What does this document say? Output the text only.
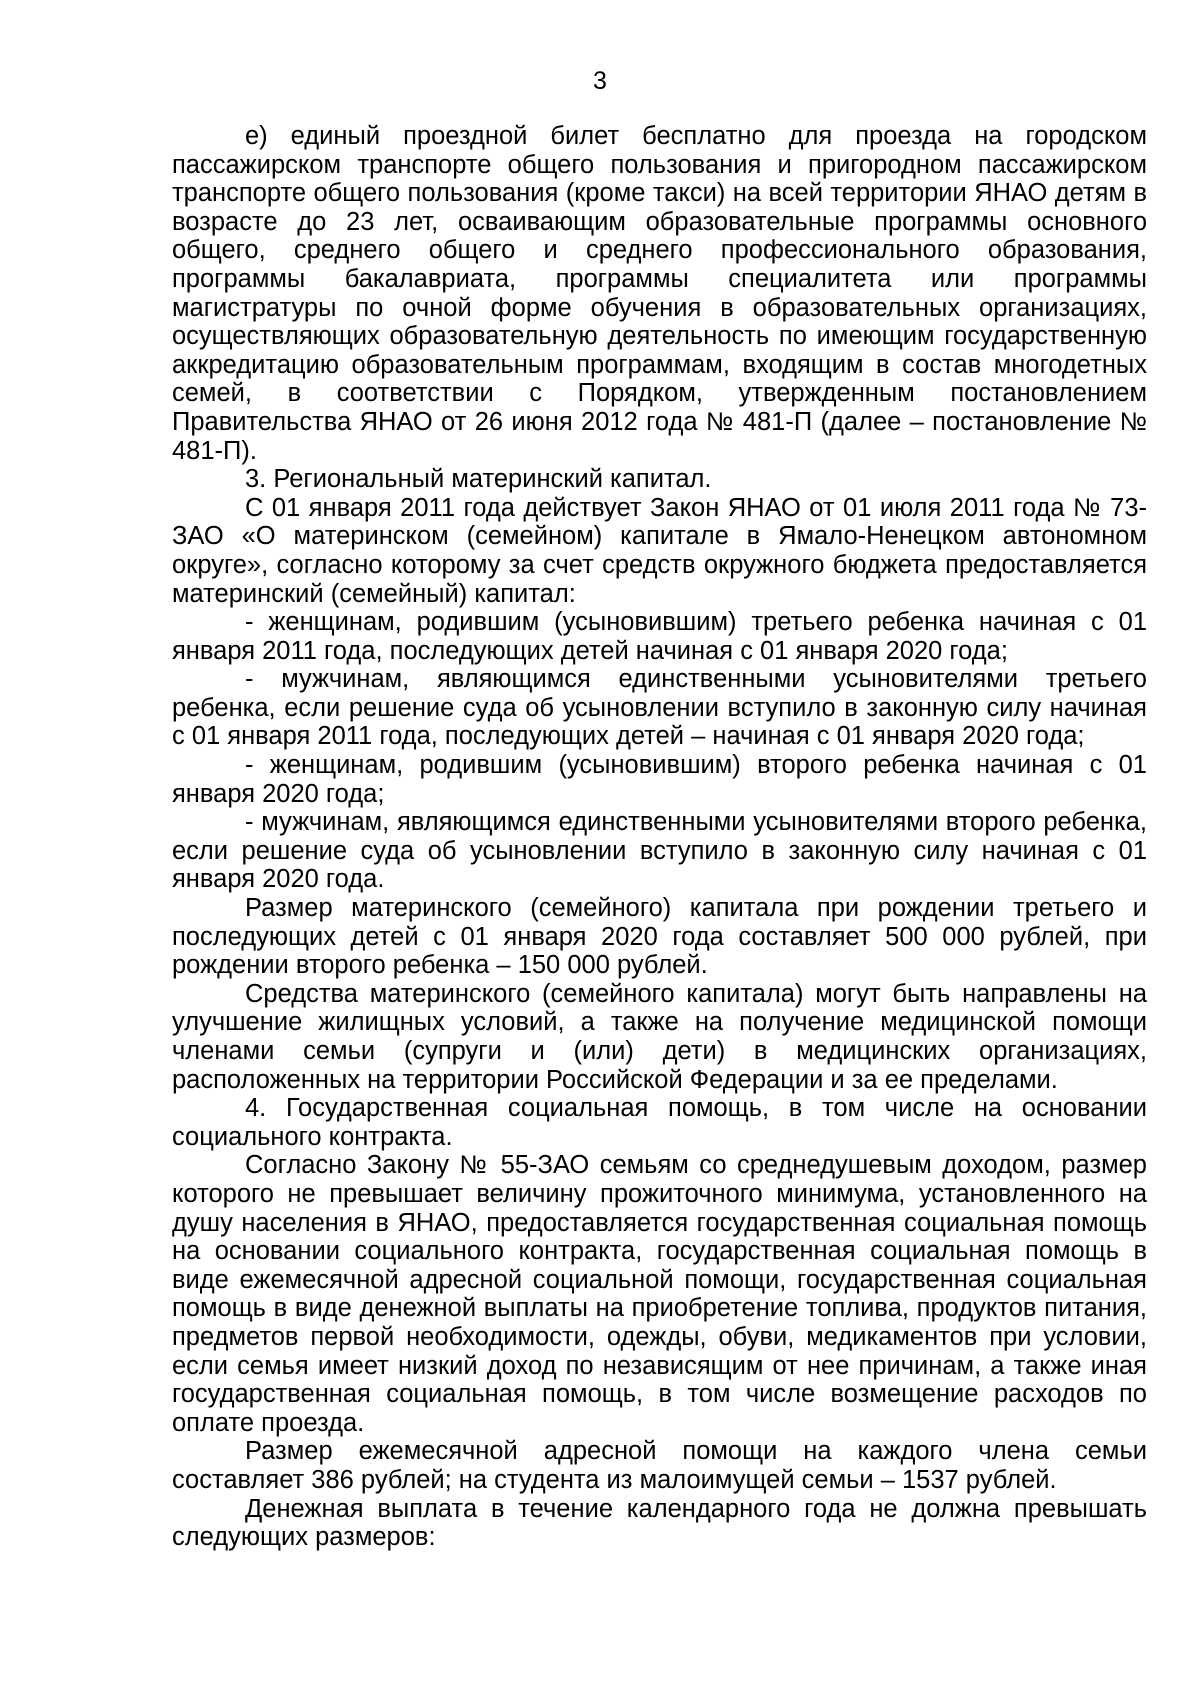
3

е) единый проездной билет бесплатно для проезда на городском пассажирском транспорте общего пользования и пригородном пассажирском транспорте общего пользования (кроме такси) на всей территории ЯНАО детям в возрасте до 23 лет, осваивающим образовательные программы основного общего, среднего общего и среднего профессионального образования, программы бакалавриата, программы специалитета или программы магистратуры по очной форме обучения в образовательных организациях, осуществляющих образовательную деятельность по имеющим государственную аккредитацию образовательным программам, входящим в состав многодетных семей, в соответствии с Порядком, утвержденным постановлением Правительства ЯНАО от 26 июня 2012 года № 481-П (далее – постановление № 481-П).

3. Региональный материнский капитал.

С 01 января 2011 года действует Закон ЯНАО от 01 июля 2011 года № 73-ЗАО «О материнском (семейном) капитале в Ямало-Ненецком автономном округе», согласно которому за счет средств окружного бюджета предоставляется материнский (семейный) капитал:

- женщинам, родившим (усыновившим) третьего ребенка начиная с 01 января 2011 года, последующих детей начиная с 01 января 2020 года;

- мужчинам, являющимся единственными усыновителями третьего ребенка, если решение суда об усыновлении вступило в законную силу начиная с 01 января 2011 года, последующих детей – начиная с 01 января 2020 года;

- женщинам, родившим (усыновившим) второго ребенка начиная с 01 января 2020 года;

- мужчинам, являющимся единственными усыновителями второго ребенка, если решение суда об усыновлении вступило в законную силу начиная с 01 января 2020 года.

Размер материнского (семейного) капитала при рождении третьего и последующих детей с 01 января 2020 года составляет 500 000 рублей, при рождении второго ребенка – 150 000 рублей.

Средства материнского (семейного капитала) могут быть направлены на улучшение жилищных условий, а также на получение медицинской помощи членами семьи (супруги и (или) дети) в медицинских организациях, расположенных на территории Российской Федерации и за ее пределами.

4. Государственная социальная помощь, в том числе на основании социального контракта.

Согласно Закону № 55-ЗАО семьям со среднедушевым доходом, размер которого не превышает величину прожиточного минимума, установленного на душу населения в ЯНАО, предоставляется государственная социальная помощь на основании социального контракта, государственная социальная помощь в виде ежемесячной адресной социальной помощи, государственная социальная помощь в виде денежной выплаты на приобретение топлива, продуктов питания, предметов первой необходимости, одежды, обуви, медикаментов при условии, если семья имеет низкий доход по независящим от нее причинам, а также иная государственная социальная помощь, в том числе возмещение расходов по оплате проезда.

Размер ежемесячной адресной помощи на каждого члена семьи составляет 386 рублей; на студента из малоимущей семьи – 1537 рублей.

Денежная выплата в течение календарного года не должна превышать следующих размеров:
